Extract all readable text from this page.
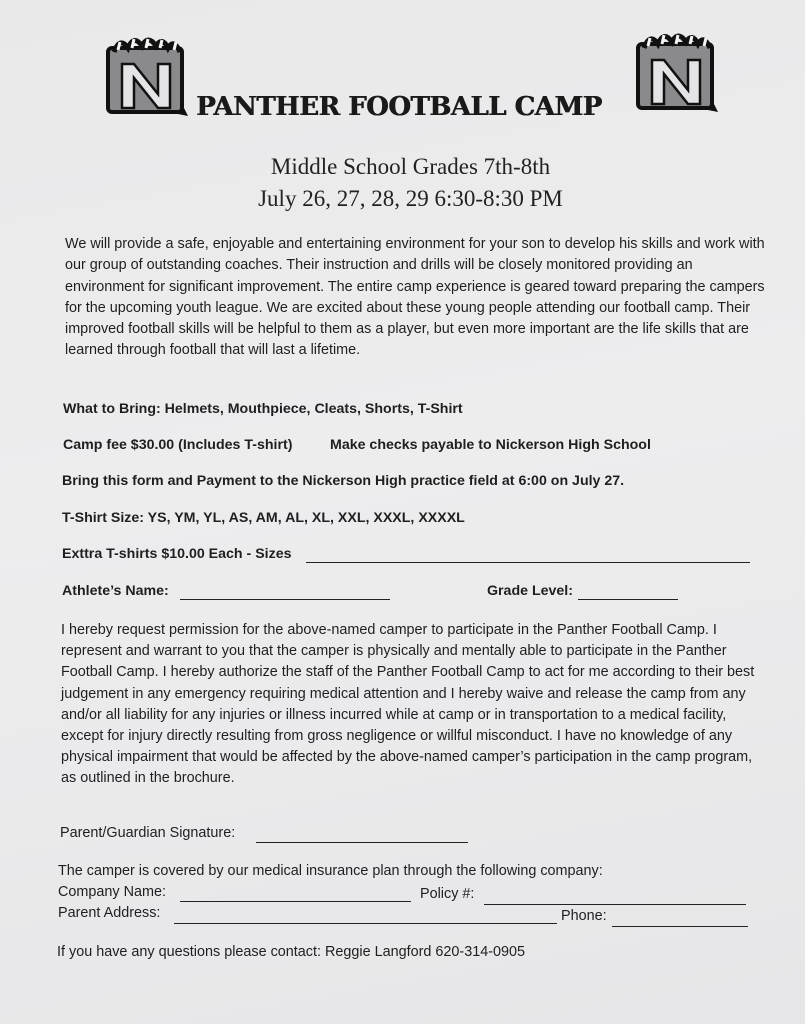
PANTHER FOOTBALL CAMP
Middle School Grades 7th-8th
July 26, 27, 28, 29 6:30-8:30 PM
We will provide a safe, enjoyable and entertaining environment for your son to develop his skills and work with our group of outstanding coaches. Their instruction and drills will be closely monitored providing an environment for significant improvement. The entire camp experience is geared toward preparing the campers for the upcoming youth league. We are excited about these young people attending our football camp. Their improved football skills will be helpful to them as a player, but even more important are the life skills that are learned through football that will last a lifetime.
What to Bring: Helmets, Mouthpiece, Cleats, Shorts, T-Shirt
Camp fee $30.00 (Includes T-shirt)	Make checks payable to Nickerson High School
Bring this form and Payment to the Nickerson High practice field at 6:00 on July 27.
T-Shirt Size: YS, YM, YL, AS, AM, AL, XL, XXL, XXXL, XXXXL
Exttra T-shirts $10.00 Each - Sizes
Athlete’s Name:	Grade Level:
I hereby request permission for the above-named camper to participate in the Panther Football Camp. I represent and warrant to you that the camper is physically and mentally able to participate in the Panther Football Camp. I hereby authorize the staff of the Panther Football Camp to act for me according to their best judgement in any emergency requiring medical attention and I hereby waive and release the camp from any and/or all liability for any injuries or illness incurred while at camp or in transportation to a medical facility, except for injury directly resulting from gross negligence or willful misconduct. I have no knowledge of any physical impairment that would be affected by the above-named camper’s participation in the camp program, as outlined in the brochure.
Parent/Guardian Signature:
The camper is covered by our medical insurance plan through the following company:
Company Name:	Policy #:
Parent Address:	Phone:
If you have any questions please contact: Reggie Langford 620-314-0905
